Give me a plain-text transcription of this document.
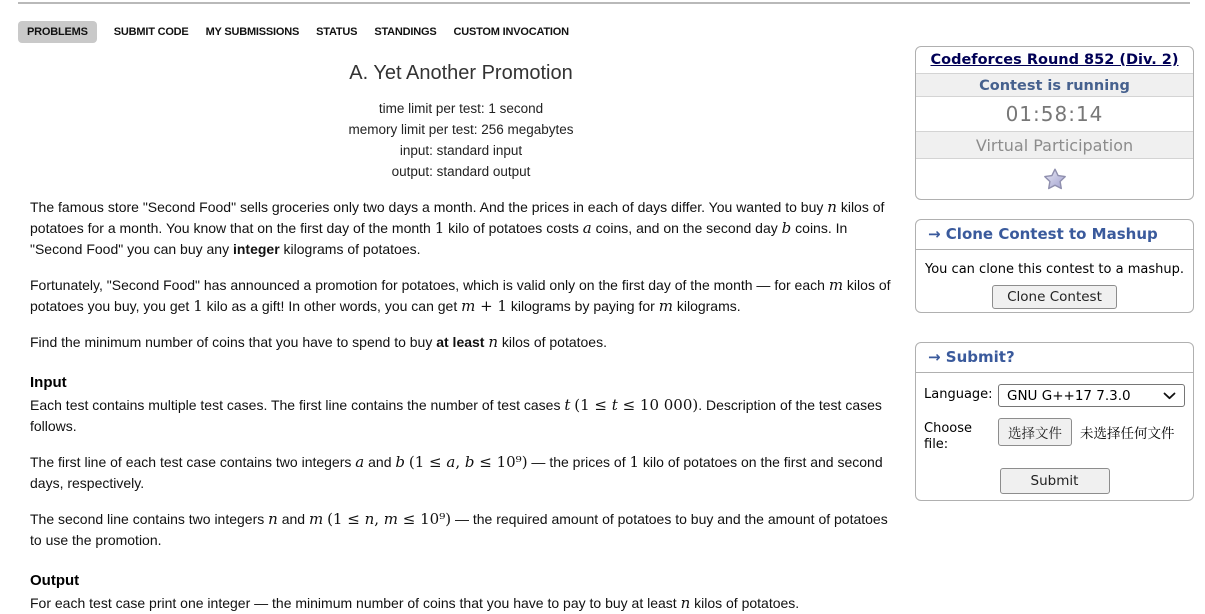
PROBLEMS	SUBMIT CODE MY SUBMISSIONS STATUS STANDINGS CUSTOM INVOCATION
A. Yet Another Promotion
time limit per test: 1 second
memory limit per test: 256 megabytes
input: standard input
output: standard output

The famous store "Second Food" sells groceries only two days a month. And the prices in each of days differ. You wanted to buy n kilos of potatoes for a month. You know that on the first day of the month 1 kilo of potatoes costs a coins, and on the second day b coins. In "Second Food" you can buy any integer kilograms of potatoes.

Fortunately, "Second Food" has announced a promotion for potatoes, which is valid only on the first day of the month — for each m kilos of potatoes you buy, you get 1 kilo as a gift! In other words, you can get m + 1 kilograms by paying for m kilograms.

Find the minimum number of coins that you have to spend to buy at least n kilos of potatoes.

Input

Each test contains multiple test cases. The first line contains the number of test cases t (1 ≤ t ≤ 10 000). Description of the test cases follows.

The first line of each test case contains two integers a and b (1 ≤ a, b ≤ 10⁹) — the prices of 1 kilo of potatoes on the first and second days, respectively.

The second line contains two integers n and m (1 ≤ n, m ≤ 10⁹) — the required amount of potatoes to buy and the amount of potatoes to use the promotion.

Output

For each test case print one integer — the minimum number of coins that you have to pay to buy at least n kilos of potatoes.

Codeforces Round 852 (Div. 2)
Contest is running
01:58:14
Virtual Participation
→ Clone Contest to Mashup
You can clone this contest to a mashup.
Clone Contest
→ Submit?
Language:	GNU G++17 7.3.0
Choose file:
选择文件	未选择任何文件
Submit
